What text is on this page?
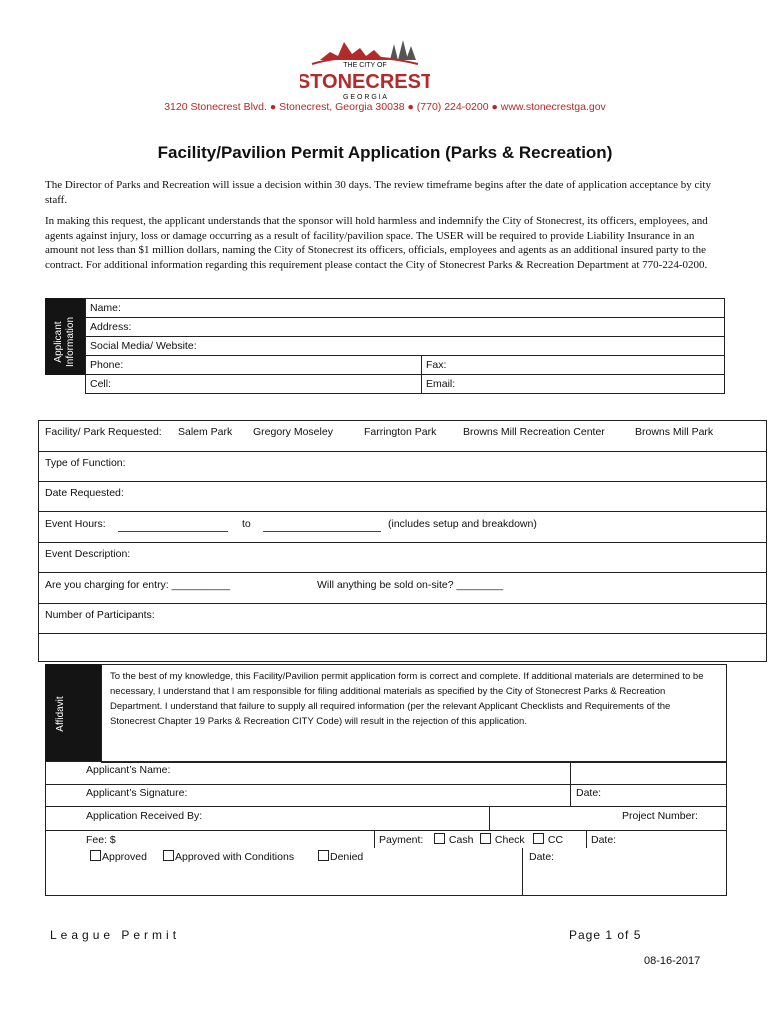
THE CITY OF
STONECREST
G E O R G I A
3120 Stonecrest Blvd. ● Stonecrest, Georgia 30038 ● (770) 224-0200 ● www.stonecrestga.gov
Facility/Pavilion Permit Application (Parks & Recreation)
The Director of Parks and Recreation will issue a decision within 30 days. The review timeframe begins after the date of application acceptance by city staff.
In making this request, the applicant understands that the sponsor will hold harmless and indemnify the City of Stonecrest, its officers, employees, and agents against injury, loss or damage occurring as a result of facility/pavilion space. The USER will be required to provide Liability Insurance in an amount not less than $1 million dollars, naming the City of Stonecrest its officers, officials, employees and agents as an additional insured party to the contract. For additional information regarding this requirement please contact the City of Stonecrest Parks & Recreation Department at 770-224-0200.
Applicant
Information
Name:	
Address:	
Social Media/ Website:	
Phone:	Fax:
Cell:	Email:
Facility/ Park Requested: Salem Park Gregory Moseley	Farrington Park	Browns Mill Recreation Center	Browns Mill Park
Type of Function:
Date Requested:
Event Hours:	to	(includes setup and breakdown)
Event Description:
Are you charging for entry: __________	Will anything be sold on-site? ________
Number of Participants:
Affidavit
To the best of my knowledge, this Facility/Pavilion permit application form is correct and complete. If additional materials are determined to be necessary, I understand that I am responsible for filing additional materials as specified by the City of Stonecrest Parks & Recreation Department. I understand that failure to supply all required information (per the relevant Applicant Checklists and Requirements of the Stonecrest Chapter 19 Parks & Recreation CITY Code) will result in the rejection of this application.
Applicant’s Name:
Applicant’s Signature:	Date:
Application Received By:	Project Number:
Fee: $	Payment:	Cash	Check	CC	Date:
Approved	Approved with Conditions	Denied	Date:
League Permit	Page 1 of 5
08-16-2017
